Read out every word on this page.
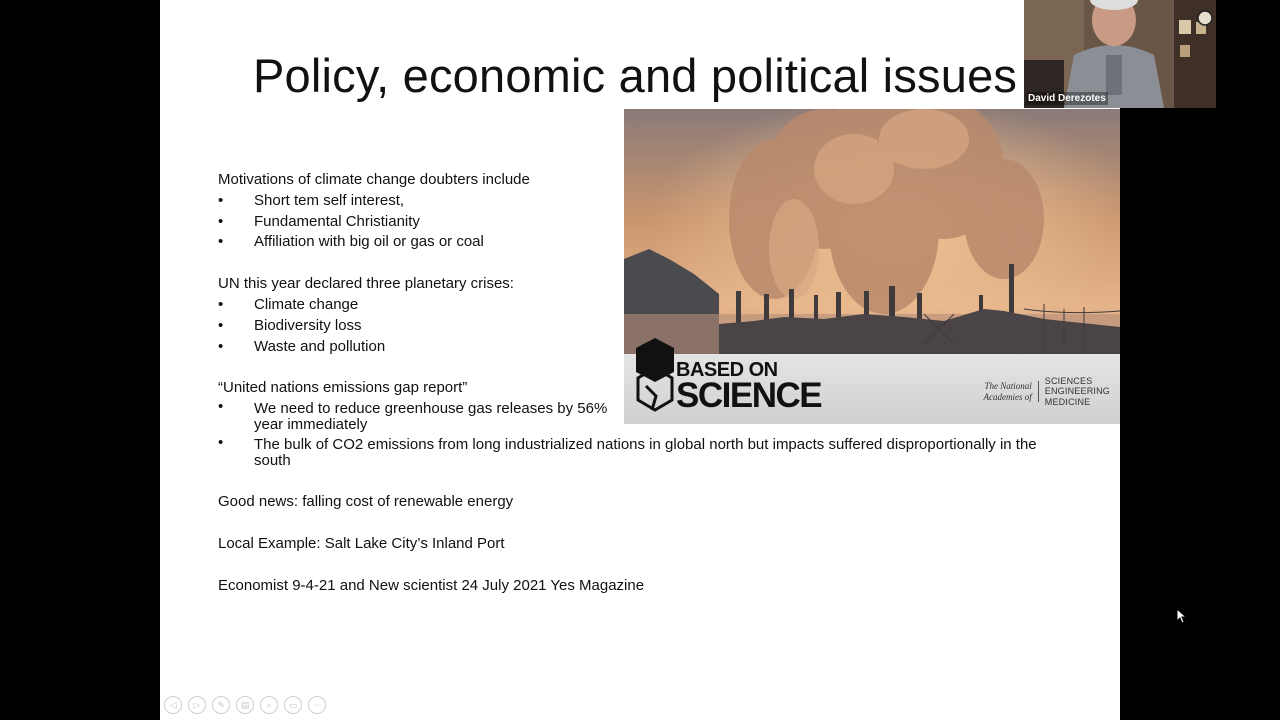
Policy, economic and political issues

Motivations of climate change doubters include

• Short tem self interest,
• Fundamental Christianity
• Affiliation with big oil or gas or coal

UN this year declared three planetary crises:

• Climate change
• Biodiversity loss
• Waste and pollution

“United nations emissions gap report”

• We need to reduce greenhouse gas releases by 56% year immediately
• The bulk of CO2 emissions from long industrialized nations in global north but impacts suffered disproportionally in the south

Good news: falling cost of renewable energy

Local Example: Salt Lake City’s Inland Port

Economist 9-4-21 and New scientist 24 July 2021 Yes Magazine

BASED ON
SCIENCE	The National
Academies of
SCIENCES
ENGINEERING
MEDICINE
◁	▷	✎	▤	⌕	▭	⋯
David Derezotes
